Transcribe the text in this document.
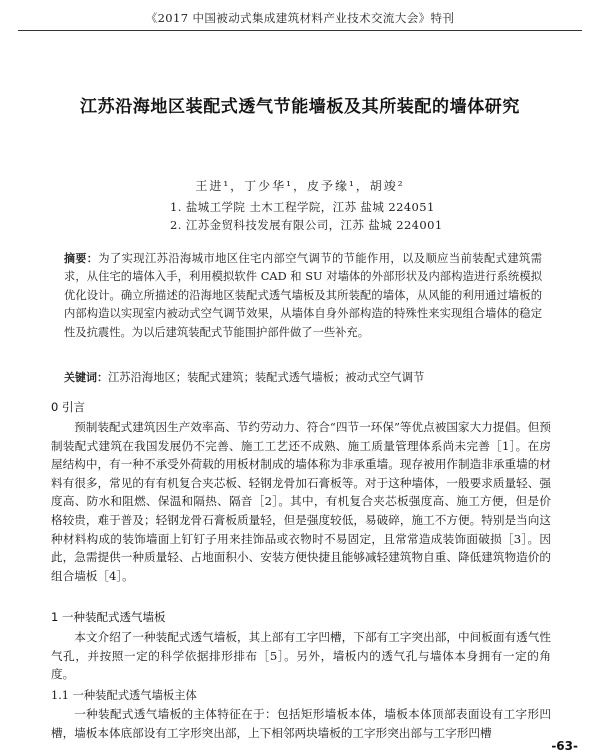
《2017 中国被动式集成建筑材料产业技术交流大会》特刊
江苏沿海地区装配式透气节能墙板及其所装配的墙体研究
王进¹，丁少华¹，皮予缘¹，胡竣²
1. 盐城工学院 土木工程学院，江苏 盐城 224051
2. 江苏金贸科技发展有限公司，江苏 盐城 224001
摘要：为了实现江苏沿海城市地区住宅内部空气调节的节能作用，以及顺应当前装配式建筑需求，从住宅的墙体入手，利用模拟软件 CAD 和 SU 对墙体的外部形状及内部构造进行系统模拟优化设计。确立所描述的沿海地区装配式透气墙板及其所装配的墙体，从风能的利用通过墙板的内部构造以实现室内被动式空气调节效果，从墙体自身外部构造的特殊性来实现组合墙体的稳定性及抗震性。为以后建筑装配式节能围护部件做了一些补充。
关键词：江苏沿海地区；装配式建筑；装配式透气墙板；被动式空气调节
0 引言
预制装配式建筑因生产效率高、节约劳动力、符合“四节一环保”等优点被国家大力提倡。但预制装配式建筑在我国发展仍不完善、施工工艺还不成熟、施工质量管理体系尚未完善［1］。在房屋结构中，有一种不承受外荷载的用板材制成的墙体称为非承重墙。现存被用作制造非承重墙的材料有很多，常见的有有机复合夹芯板、轻钢龙骨加石膏板等。对于这种墙体，一般要求质量轻、强度高、防水和阻燃、保温和隔热、隔音［2］。其中，有机复合夹芯板强度高、施工方便，但是价格较贵，难于普及；轻钢龙骨石膏板质量轻，但是强度较低，易破碎，施工不方便。特别是当向这种材料构成的装饰墙面上钉钉子用来挂饰品或衣物时不易固定，且常常造成装饰面破损［3］。因此，急需提供一种质量轻、占地面积小、安装方便快捷且能够减轻建筑物自重、降低建筑物造价的组合墙板［4］。
1 一种装配式透气墙板
本文介绍了一种装配式透气墙板，其上部有工字凹槽，下部有工字突出部，中间板面有透气性气孔，并按照一定的科学依据排形排布［5］。另外，墙板内的透气孔与墙体本身拥有一定的角度。
1.1 一种装配式透气墙板主体
一种装配式透气墙板的主体特征在于：包括矩形墙板本体，墙板本体顶部表面设有工字形凹槽，墙板本体底部设有工字形突出部，上下相邻两块墙板的工字形突出部与工字形凹槽
-63-
